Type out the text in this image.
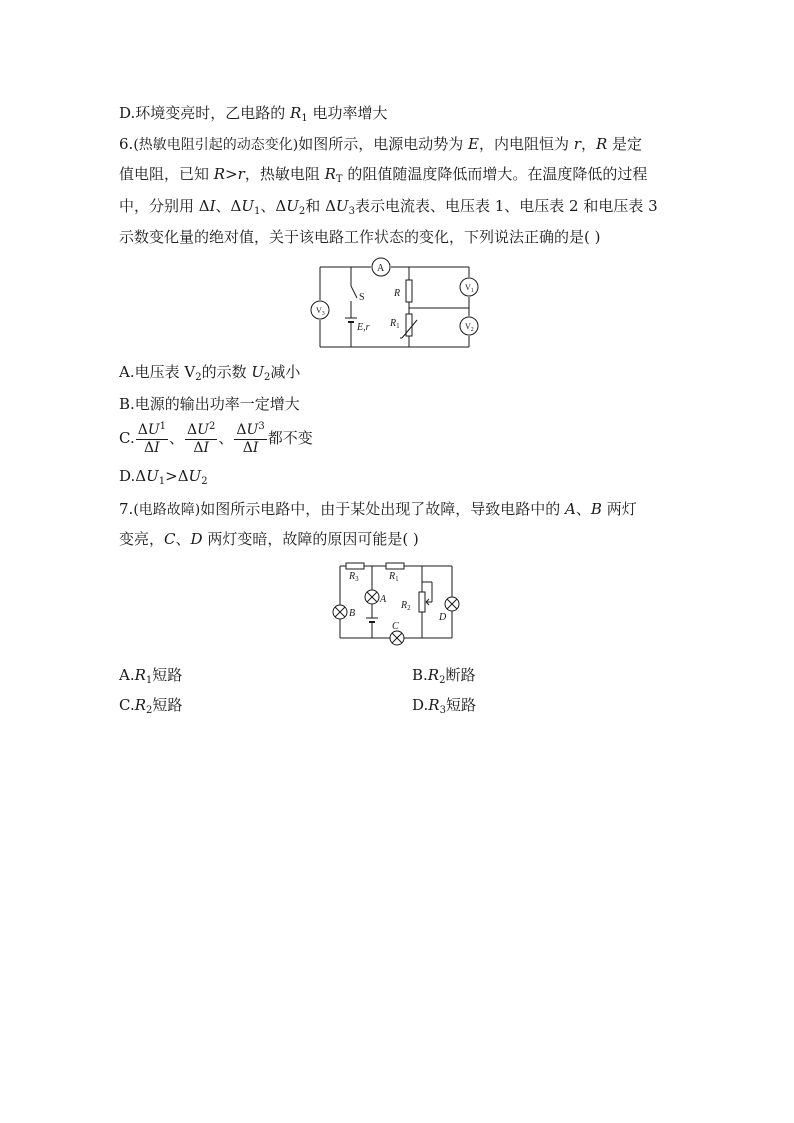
D.环境变亮时，乙电路的 $R_1$ 电功率增大
6.(热敏电阻引起的动态变化)如图所示，电源电动势为 E，内电阻恒为 r，R 是定
值电阻，已知 R>r，热敏电阻 $R_T$ 的阻值随温度降低而增大。在温度降低的过程
中，分别用 ΔI、$\Delta U_1$、$\Delta U_2$和 $\Delta U_3$表示电流表、电压表 1、电压表 2 和电压表 3
示数变化量的绝对值，关于该电路工作状态的变化，下列说法正确的是( )
A
$V_3$
$V_1$
$V_2$
S
E,r
R
$R_1$
A.电压表 $V_2$的示数 $U_2$减小
B.电源的输出功率一定增大
C. $\frac{\Delta U^1}{\Delta I}$ 、 $\frac{\Delta U^2}{\Delta I}$ 、 $\frac{\Delta U^3}{\Delta I}$ 都不变
$D.\Delta U_1>\Delta U_2$
7.(电路故障)如图所示电路中，由于某处出现了故障，导致电路中的 A、B 两灯
变亮，C、D 两灯变暗，故障的原因可能是( )
$R_3$	$R_1$
$R_2$
A
B
C
D
$A.R_1$短路	$B.R_2$断路
$C.R_2$短路	$D.R_3$短路
